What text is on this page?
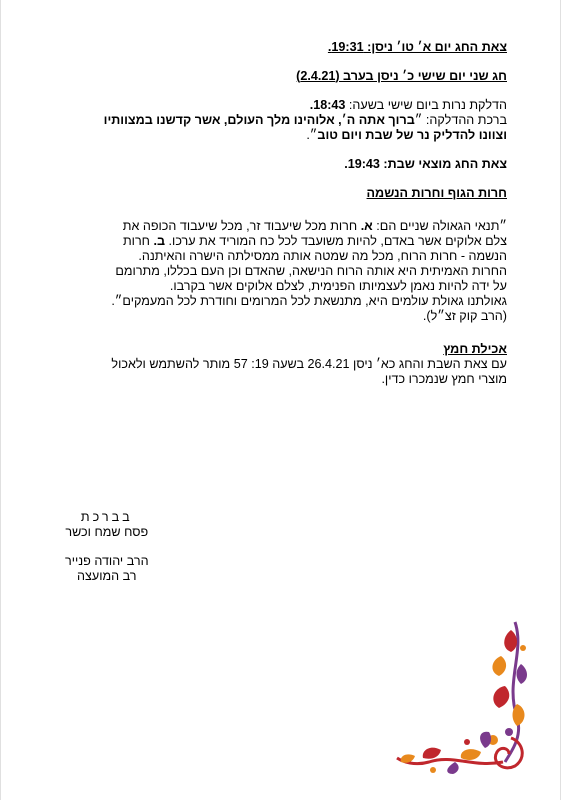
צאת החג יום א׳ טו׳ ניסן: 19:31.
חג שני יום שישי כ׳ ניסן בערב (2.4.21)
הדלקת נרות ביום שישי בשעה: 18:43.
ברכת ההדלקה: ״ברוך אתה ה׳, אלוהינו מלך העולם, אשר קדשנו במצוותיו
וצוונו להדליק נר של שבת ויום טוב״.
צאת החג מוצאי שבת: 19:43.
חרות הגוף וחרות הנשמה
״תנאי הגאולה שניים הם: א. חרות מכל שיעבוד זר, מכל שיעבוד הכופה את
צלם אלוקים אשר באדם, להיות משועבד לכל כח המוריד את ערכו. ב. חרות
הנשמה - חרות הרוח, מכל מה שמטה אותה ממסילתה הישרה והאיתנה.
החרות האמיתית היא אותה הרוח הנישאה, שהאדם וכן העם בכללו, מתרומם
על ידה להיות נאמן לעצמיותו הפנימית, לצלם אלוקים אשר בקרבו.
גאולתנו גאולת עולמים היא, מתנשאת לכל המרומים וחודרת לכל המעמקים״.
(הרב קוק זצ״ל).
אכילת חמץ
עם צאת השבת והחג כא׳ ניסן 26.4.21 בשעה 19: 57 מותר להשתמש ולאכול
מוצרי חמץ שנמכרו כדין.
בברכת
פסח שמח וכשר
הרב יהודה פנייר
רב המועצה
